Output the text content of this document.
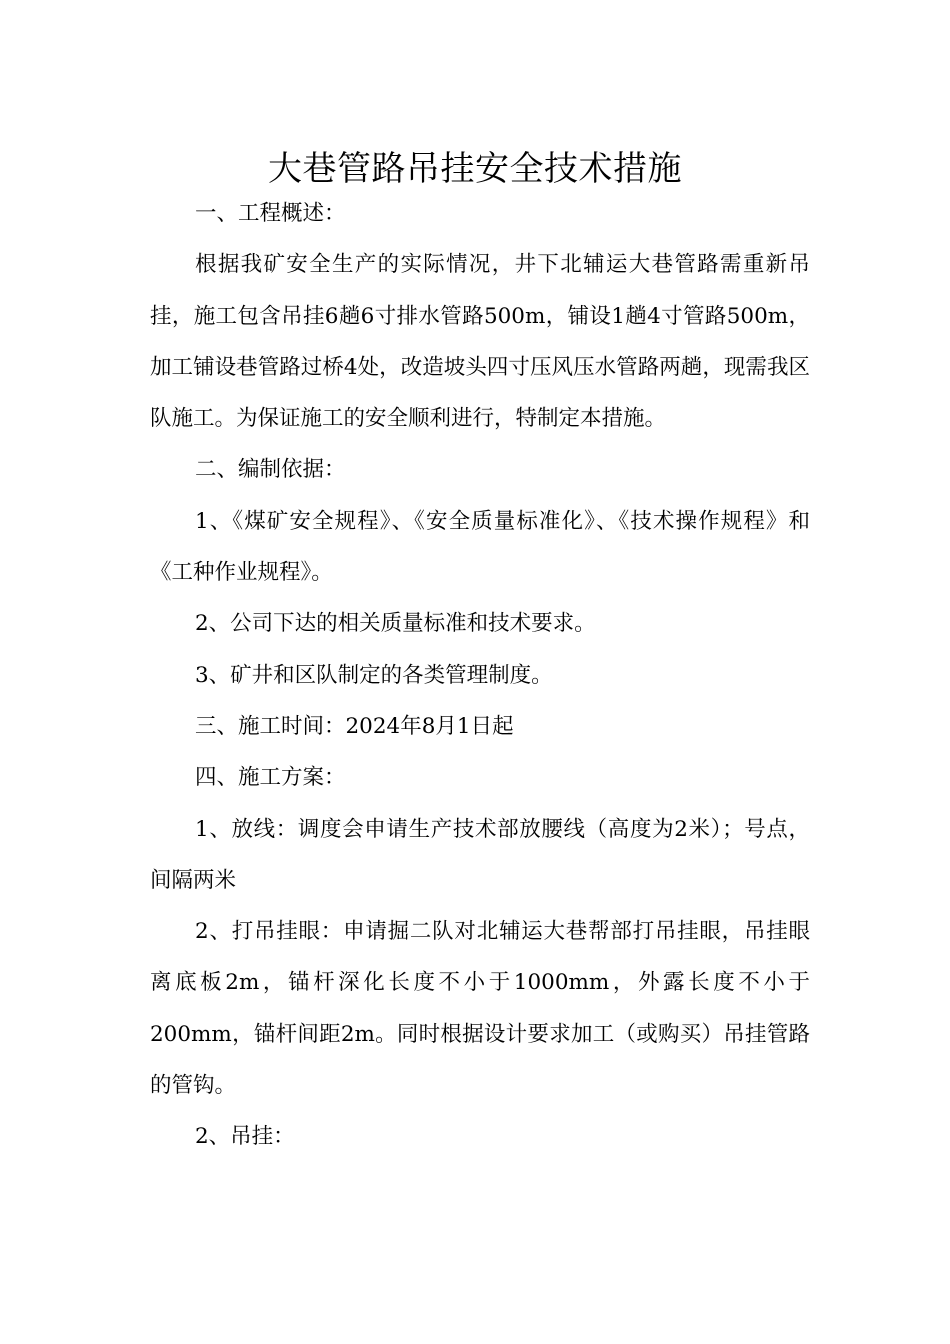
大巷管路吊挂安全技术措施

一、工程概述：

根据我矿安全生产的实际情况，井下北辅运大巷管路需重新吊挂，施工包含吊挂6趟6寸排水管路500m，铺设1趟4寸管路500m，加工铺设巷管路过桥4处，改造坡头四寸压风压水管路两趟，现需我区队施工。为保证施工的安全顺利进行，特制定本措施。

二、编制依据：

1、《煤矿安全规程》、《安全质量标准化》、《技术操作规程》和《工种作业规程》。

2、公司下达的相关质量标准和技术要求。

3、矿井和区队制定的各类管理制度。

三、施工时间：2024年8月1日起

四、施工方案：

1、放线：调度会申请生产技术部放腰线（高度为2米）；号点，间隔两米

2、打吊挂眼：申请掘二队对北辅运大巷帮部打吊挂眼，吊挂眼离底板2m，锚杆深化长度不小于1000mm，外露长度不小于200mm，锚杆间距2m。同时根据设计要求加工（或购买）吊挂管路的管钩。

2、吊挂：
